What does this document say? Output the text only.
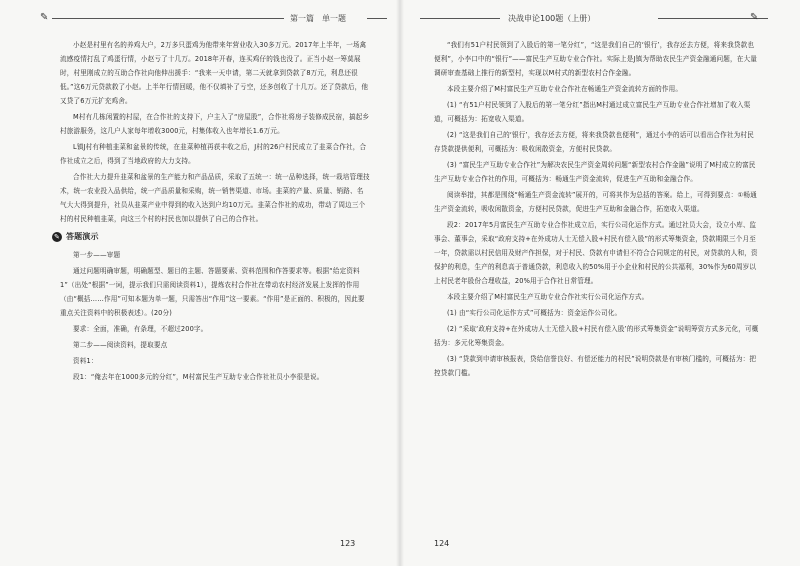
✎	第一篇　单一题

小赵是村里有名的养鸡大户，2万多只蛋鸡为他带来年营业收入30多万元。2017年上半年，一场禽流感疫情打乱了鸡蛋行情，小赵亏了十几万。2018年开春，连买鸡仔的钱也没了。正当小赵一筹莫展时，村里刚成立的互助合作社向他伸出援手：“我来一天申请，第二天就拿到贷款了8万元，利息还很低。”这6万元贷款救了小赵。上半年行情回暖，他不仅填补了亏空，还多创收了十几万。还了贷款后，他又贷了6万元扩充鸡舍。

M村有几栋闲置的村屋，在合作社的支持下，户主入了“房屋股”，合作社将房子装修成民宿，搞起乡村旅游服务，这几户人家每年增收3000元，村集体收入也年增长1.6万元。

L镇J村有种植韭菜和盆景的传统，在韭菜种植再获丰收之后，J村的26户村民成立了韭菜合作社，合作社成立之后，得到了当地政府的大力支持。

合作社大力提升韭菜和盆景的生产能力和产品品质，采取了五统一：统一品种选择，统一栽培管理技术，统一农业投入品供给，统一产品质量和采购，统一销售渠道、市场。韭菜的产量、质量、销路、名气大大得到提升，社员从韭菜产业中得到的收入达到户均10万元。韭菜合作社的成功，带动了周边三个村的村民种植韭菜，向这三个村的村民也加以提供了自己的合作社。

✎ 答题演示

第一步——审题

通过问题明确审题，明确题型、题目的主题、答题要素、资料范围和作答要求等。根据“给定资料1”（出处“根据”一词，提示我们只需阅读资料1），提炼农村合作社在带动农村经济发展上发挥的作用（由“概括……作用”可知本题为单一题，只需答出“作用”这一要素。“作用”是正面的、积极的，因此要重点关注资料中的积极表述）。(20分)

要求：全面，准确，有条理，不超过200字。

第二步——阅读资料，提取要点

资料1：

段1：“俺去年在1000多元的分红”，M村富民生产互助专业合作社社员小李很是说。

123
决战申论100题（上册）	✎

“我们有51户村民领到了入股后的第一笔分红”，“这是我们自己的‘银行’，我存还去方便，将来我贷款也便利”，小李口中的“银行”——富民生产互助专业合作社。实际上是J镇为帮助农民生产资金融通问题，在大量调研审查基础上推行的新型村，实现以M村式的新型农村合作金融。

本段主要介绍了M村富民生产互助专业合作社在畅通生产资金流转方面的作用。

(1) “有51户村民领到了入股后的第一笔分红”指出M村通过成立富民生产互助专业合作社增加了收入渠道，可概括为：拓宽收入渠道。

(2) “这是我们自己的‘银行’，我存还去方便，将来我贷款也便利”，通过小李的话可以看出合作社为村民存贷款提供便利，可概括为：吸收闲散资金，方便村民贷款。

(3) “富民生产互助专业合作社”为解决农民生产资金周转问题“新型农村合作金融”说明了M村成立的富民生产互助专业合作社的作用，可概括为：畅通生产资金流转，促进生产互助和金融合作。

阅读举措，其都是围绕“畅通生产资金流转”展开的，可将其作为总括的答案。给上，可得到要点：①畅通生产资金流转，吸收闲散资金，方便村民贷款，促进生产互助和金融合作，拓宽收入渠道。

段2：2017年5月富民生产互助专业合作社成立后，实行公司化运作方式。通过社员大会，设立小库、监事会、董事会，采取“政府支持+在外成功人士无偿入股+村民有偿入股”的形式筹集资金，贷款期限三个月至一年，贷款需以村民信用及财产作担保，对于村民、贷款有申请但不符合合同规定的村民，对贷款的人和，资保护的利息，生产的利息高于普通贷款，利息收入的50%用于小企业和村民的公共福利，30%作为60周岁以上村民老年股份合理收益，20%用于合作社日常管理。

本段主要介绍了M村富民生产互助专业合作社实行公司化运作方式。

(1) 由“实行公司化运作方式”可概括为：资金运作公司化。

(2) “采取‘政府支持+在外成功人士无偿入股+村民有偿入股’的形式筹集资金”说明筹资方式多元化，可概括为：多元化筹集资金。

(3) “贷款到申请审核报表，贷给信誉良好、有偿还能力的村民”说明贷款是有审核门槛的，可概括为：把控贷款门槛。

124
